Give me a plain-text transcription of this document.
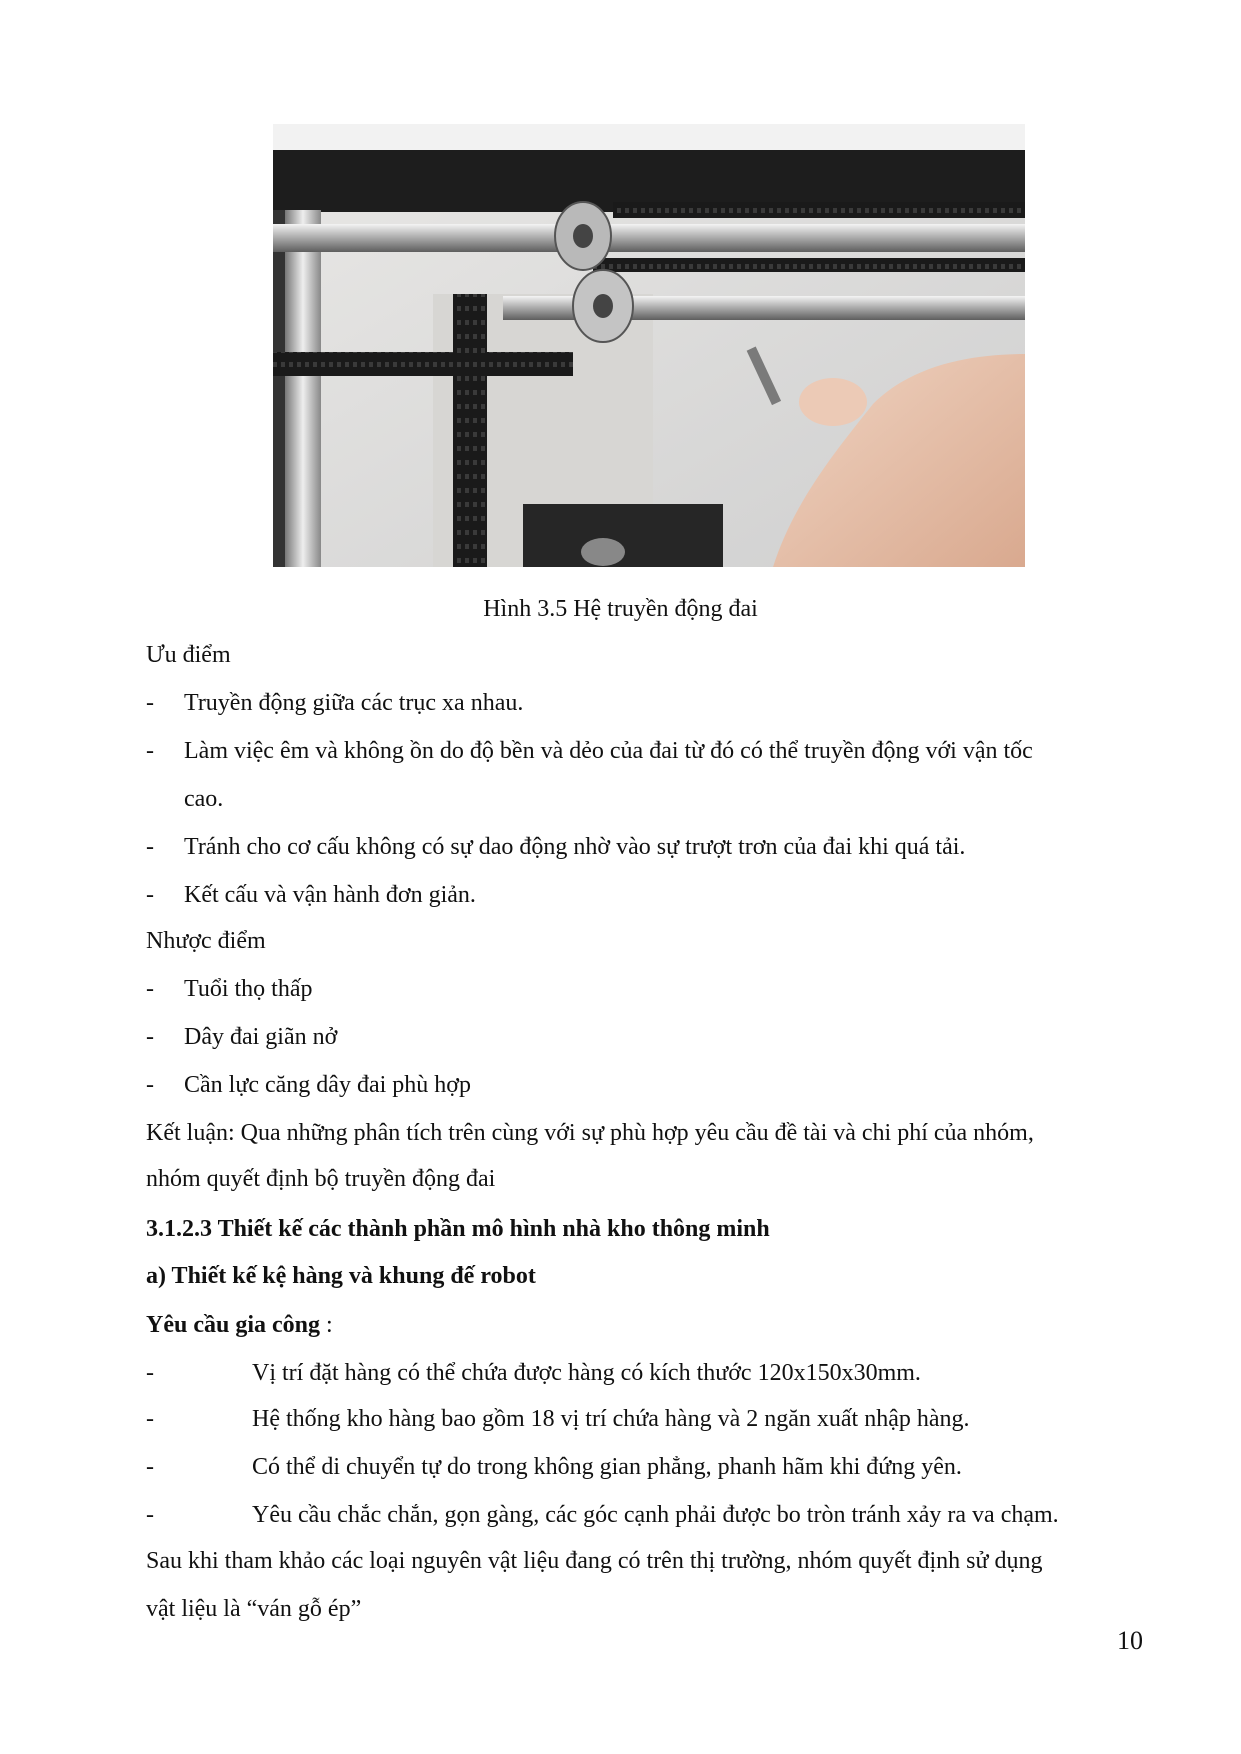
Hình 3.5 Hệ truyền động đai
Ưu điểm
- Truyền động giữa các trục xa nhau.
- Làm việc êm và không ồn do độ bền và dẻo của đai từ đó có thể truyền động với vận tốc
cao.
- Tránh cho cơ cấu không có sự dao động nhờ vào sự trượt trơn của đai khi quá tải.
- Kết cấu và vận hành đơn giản.
Nhược điểm
- Tuổi thọ thấp
- Dây đai giãn nở
- Cần lực căng dây đai phù hợp
Kết luận: Qua những phân tích trên cùng với sự phù hợp yêu cầu đề tài và chi phí của nhóm,
nhóm quyết định bộ truyền động đai
3.1.2.3 Thiết kế các thành phần mô hình nhà kho thông minh
a) Thiết kế kệ hàng và khung đế robot
Yêu cầu gia công :
-	Vị trí đặt hàng có thể chứa được hàng có kích thước 120x150x30mm.
-	Hệ thống kho hàng bao gồm 18 vị trí chứa hàng và 2 ngăn xuất nhập hàng.
-	Có thể di chuyển tự do trong không gian phẳng, phanh hãm khi đứng yên.
-	Yêu cầu chắc chắn, gọn gàng, các góc cạnh phải được bo tròn tránh xảy ra va chạm.
Sau khi tham khảo các loại nguyên vật liệu đang có trên thị trường, nhóm quyết định sử dụng
vật liệu là “ván gỗ ép”
10
